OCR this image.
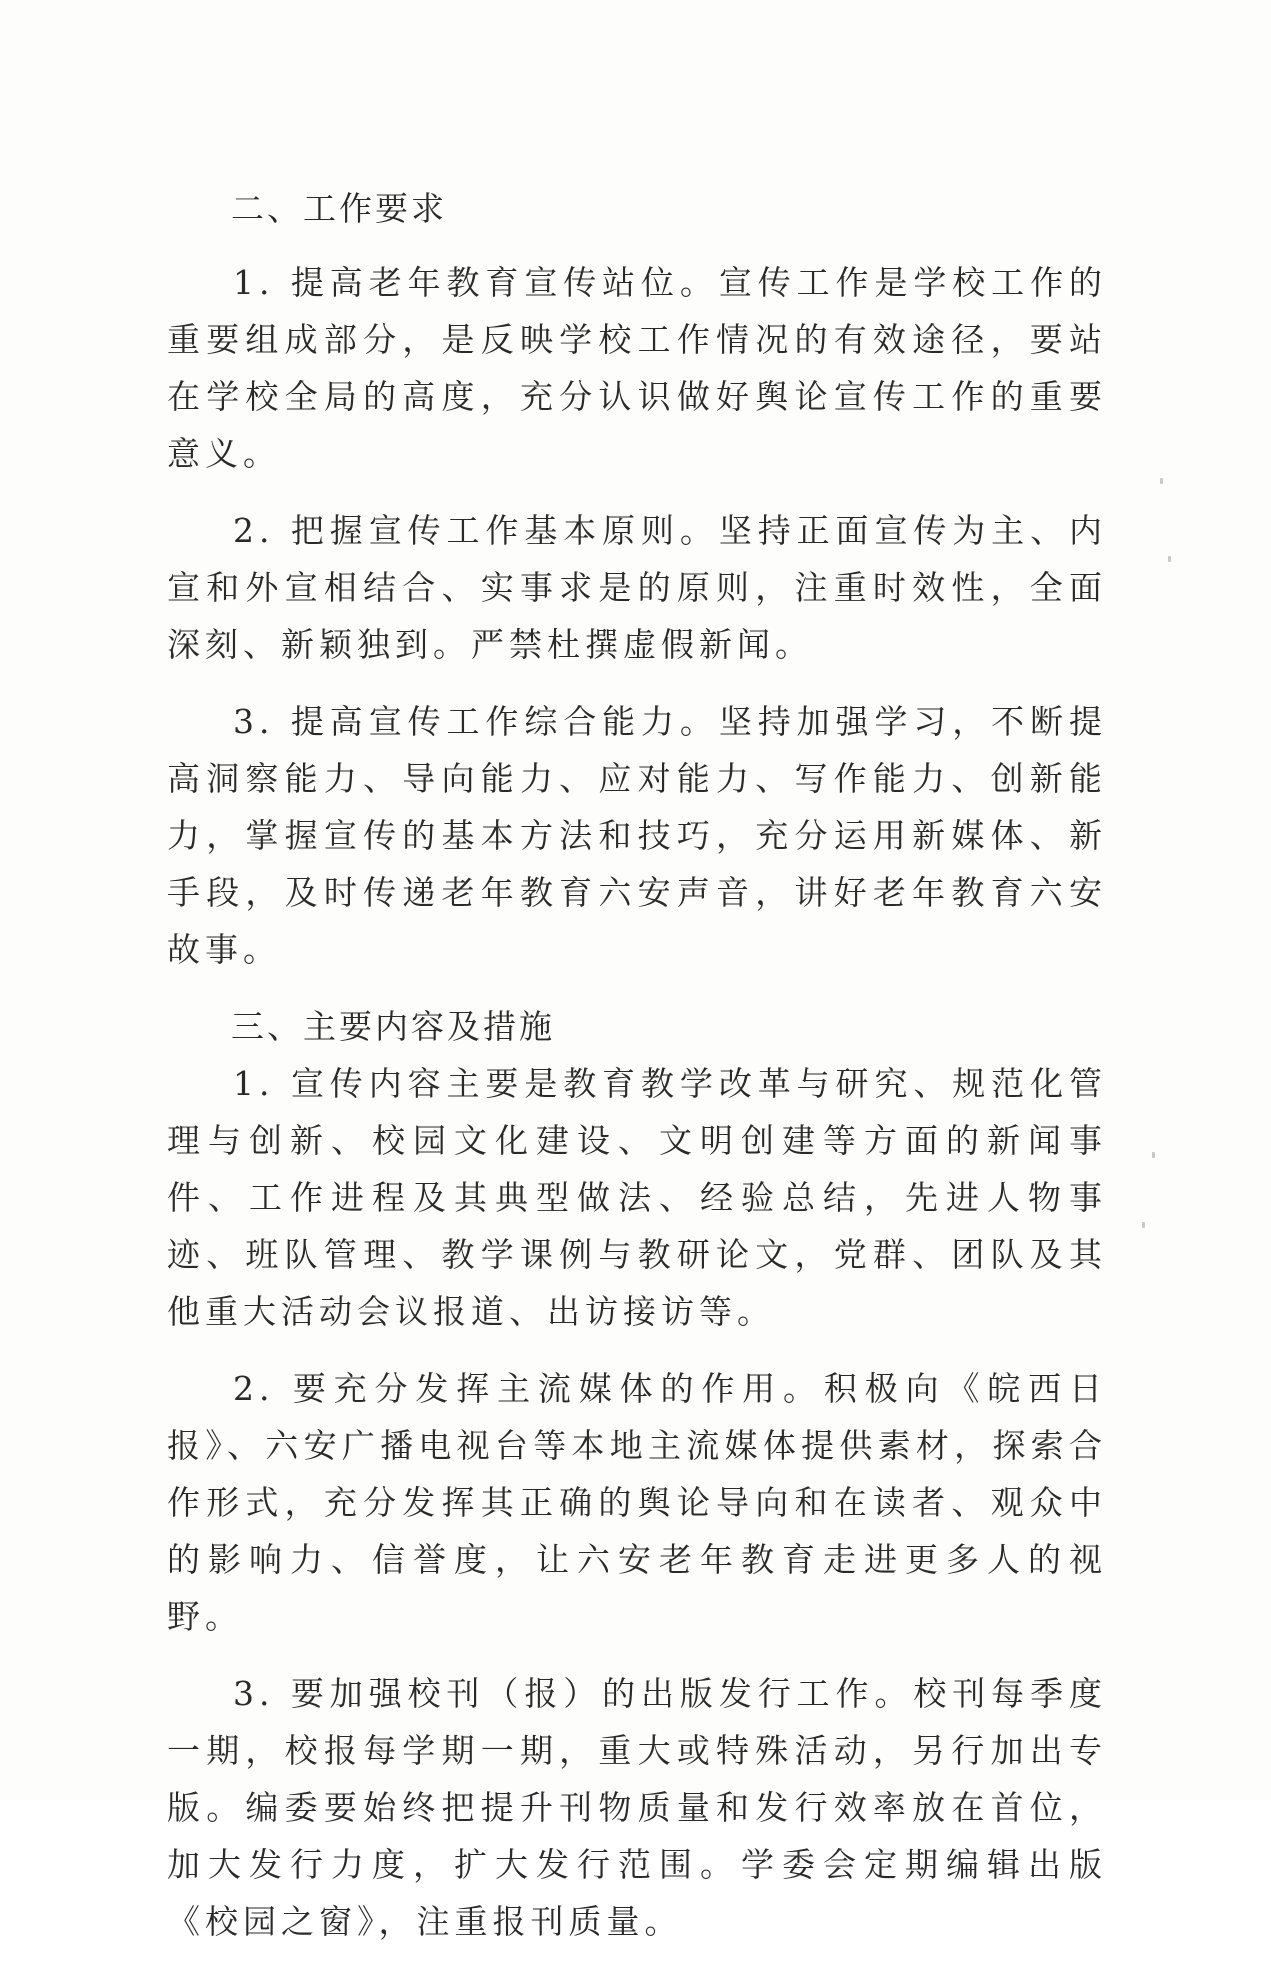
二、工作要求

1. 提高老年教育宣传站位。宣传工作是学校工作的重要组成部分，是反映学校工作情况的有效途径，要站在学校全局的高度，充分认识做好舆论宣传工作的重要意义。

2. 把握宣传工作基本原则。坚持正面宣传为主、内宣和外宣相结合、实事求是的原则，注重时效性，全面深刻、新颖独到。严禁杜撰虚假新闻。

3. 提高宣传工作综合能力。坚持加强学习，不断提高洞察能力、导向能力、应对能力、写作能力、创新能力，掌握宣传的基本方法和技巧，充分运用新媒体、新手段，及时传递老年教育六安声音，讲好老年教育六安故事。

三、主要内容及措施

1. 宣传内容主要是教育教学改革与研究、规范化管理与创新、校园文化建设、文明创建等方面的新闻事件、工作进程及其典型做法、经验总结，先进人物事迹、班队管理、教学课例与教研论文，党群、团队及其他重大活动会议报道、出访接访等。

2. 要充分发挥主流媒体的作用。积极向《皖西日报》、六安广播电视台等本地主流媒体提供素材，探索合作形式，充分发挥其正确的舆论导向和在读者、观众中的影响力、信誉度，让六安老年教育走进更多人的视野。

3. 要加强校刊（报）的出版发行工作。校刊每季度一期，校报每学期一期，重大或特殊活动，另行加出专版。编委要始终把提升刊物质量和发行效率放在首位，加大发行力度，扩大发行范围。学委会定期编辑出版《校园之窗》，注重报刊质量。
